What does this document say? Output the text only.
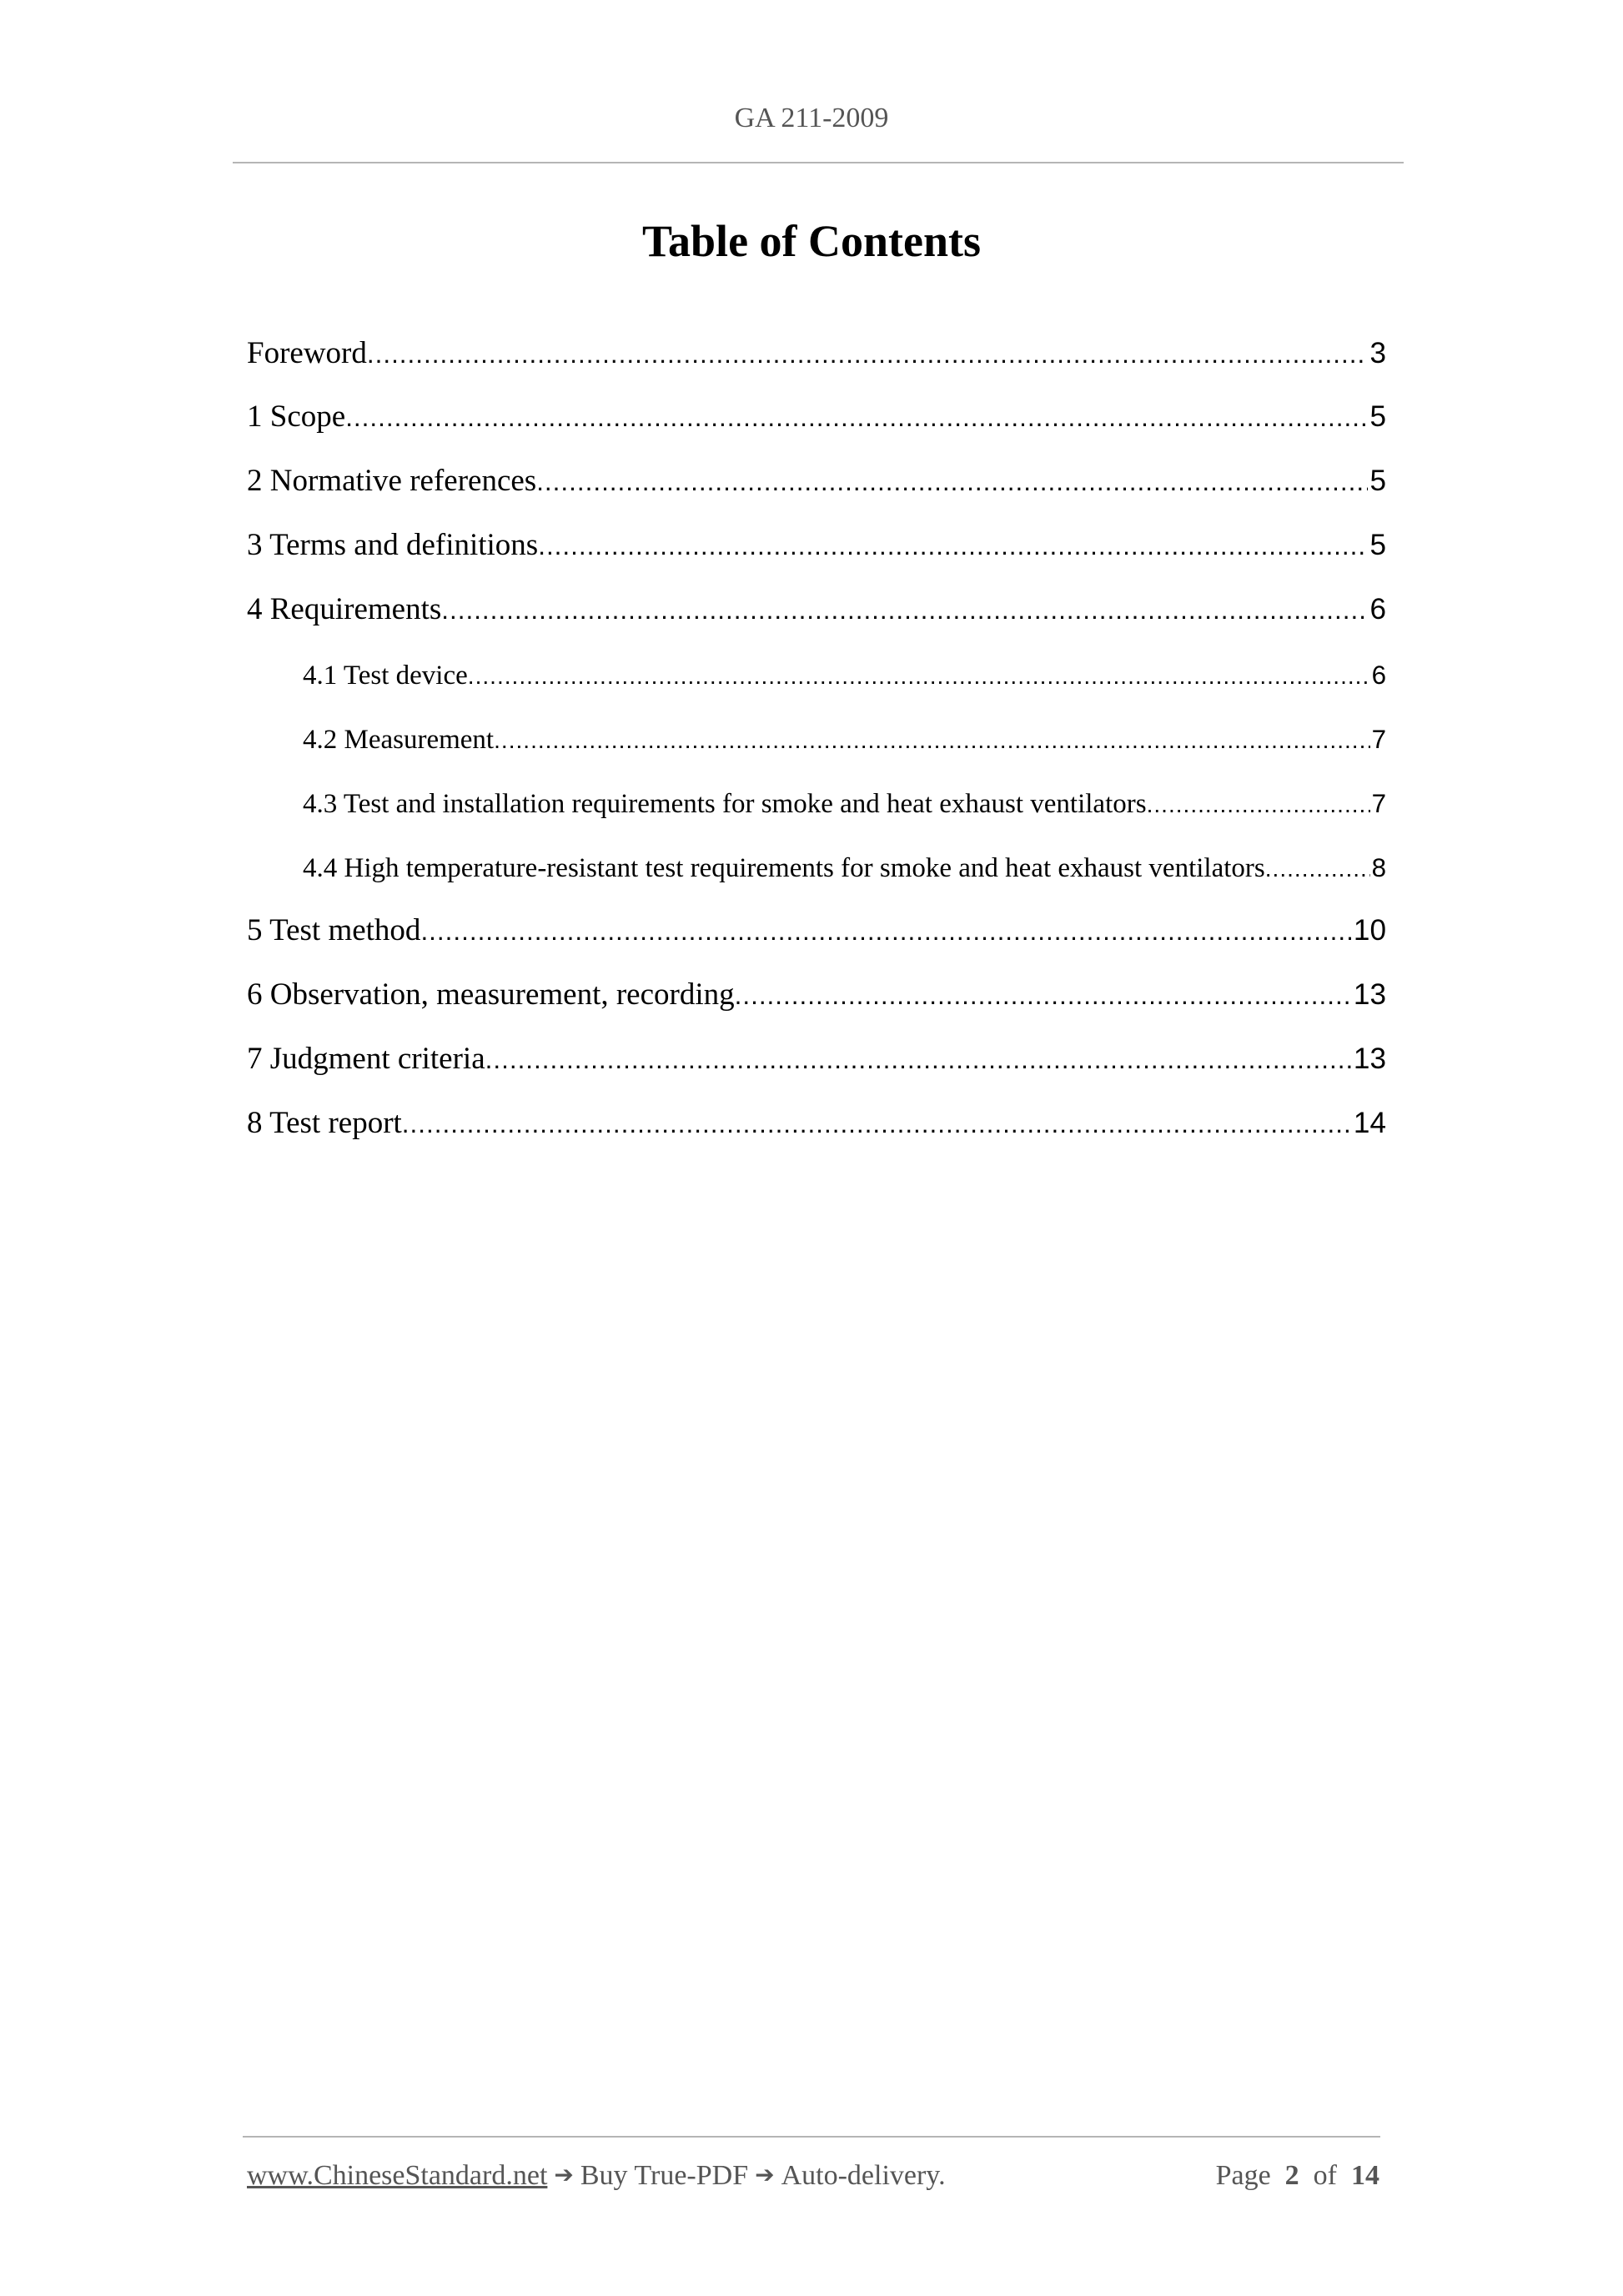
GA 211-2009
Table of Contents
Foreword .....	3
1 Scope .....	5
2 Normative references .....	5
3 Terms and definitions .....	5
4 Requirements .....	6
4.1 Test device .....	6
4.2 Measurement .....	7
4.3 Test and installation requirements for smoke and heat exhaust ventilators .....	7
4.4 High temperature-resistant test requirements for smoke and heat exhaust ventilators .....	8
5 Test method .....	10
6 Observation, measurement, recording .....	13
7 Judgment criteria .....	13
8 Test report .....	14
www.ChineseStandard.net ➔ Buy True-PDF ➔ Auto-delivery.	Page 2 of 14
